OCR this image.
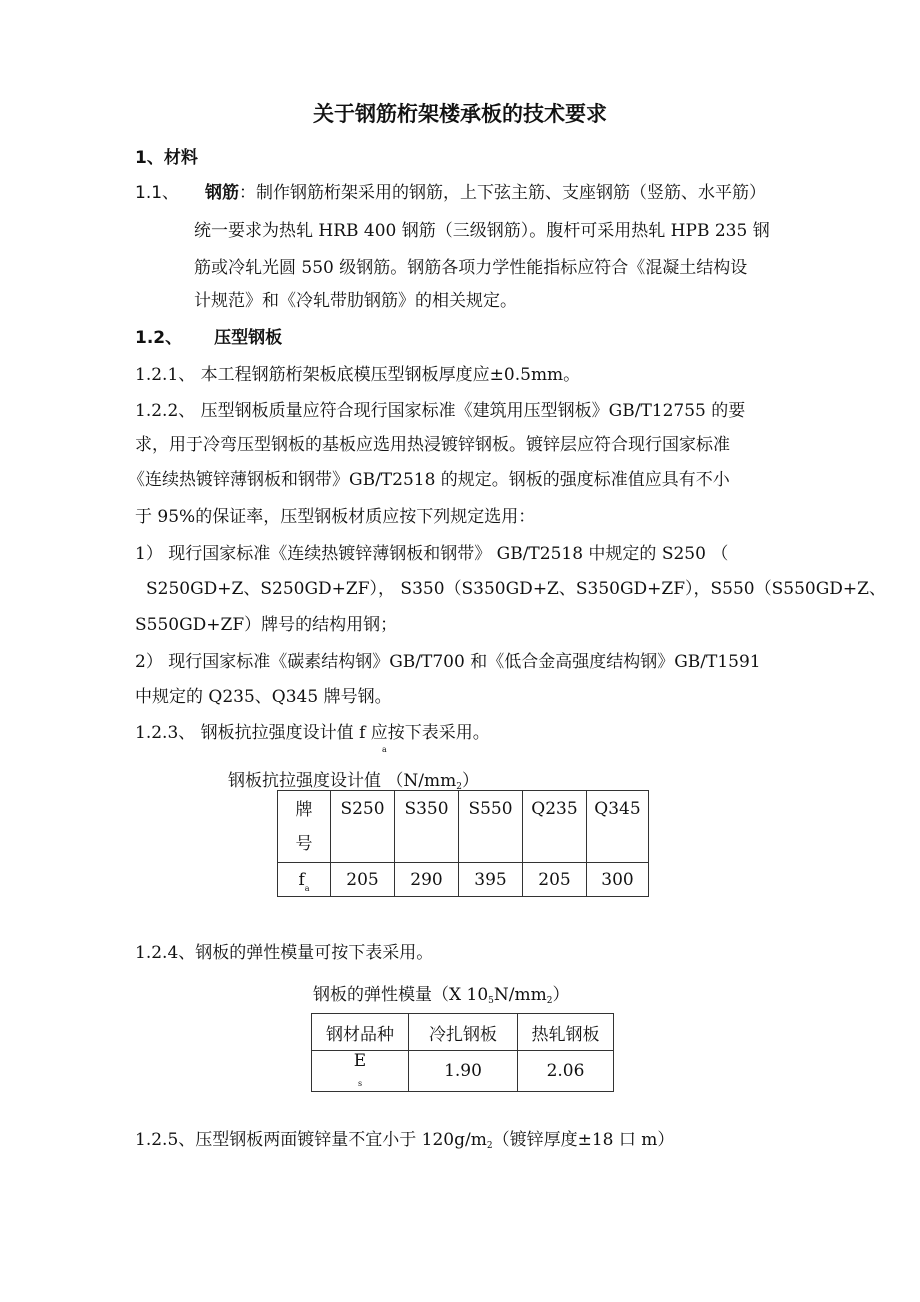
关于钢筋桁架楼承板的技术要求
1、材料
1.1、 钢筋：制作钢筋桁架采用的钢筋，上下弦主筋、支座钢筋（竖筋、水平筋）
统一要求为热轧 HRB 400 钢筋（三级钢筋）。腹杆可采用热轧 HPB 235 钢
筋或冷轧光圆 550 级钢筋。钢筋各项力学性能指标应符合《混凝土结构设
计规范》和《冷轧带肋钢筋》的相关规定。
1.2、 压型钢板
1.2.1、 本工程钢筋桁架板底模压型钢板厚度应±0.5mm。
1.2.2、 压型钢板质量应符合现行国家标准《建筑用压型钢板》GB/T12755 的要
求，用于冷弯压型钢板的基板应选用热浸镀锌钢板。镀锌层应符合现行国家标准
《连续热镀锌薄钢板和钢带》GB/T2518 的规定。钢板的强度标准值应具有不小
于 95%的保证率，压型钢板材质应按下列规定选用：
1） 现行国家标准《连续热镀锌薄钢板和钢带》 GB/T2518 中规定的 S250 （
S250GD+Z、S250GD+ZF）， S350（S350GD+Z、S350GD+ZF），S550（S550GD+Z、
S550GD+ZF）牌号的结构用钢；
2） 现行国家标准《碳素结构钢》GB/T700 和《低合金高强度结构钢》GB/T1591
中规定的 Q235、Q345 牌号钢。
1.2.3、 钢板抗拉强度设计值 f 应按下表采用。
a
钢板抗拉强度设计值 （N/mm2）
牌
号	S250	S350	S550	Q235	Q345
$f_a$	205	290	395	205	300
1.2.4、钢板的弹性模量可按下表采用。
钢板的弹性模量（X 105N/mm2）
钢材品种	冷扎钢板	热轧钢板
E
s	1.90	2.06
1.2.5、压型钢板两面镀锌量不宜小于 120g/m2（镀锌厚度±18 口 m）
